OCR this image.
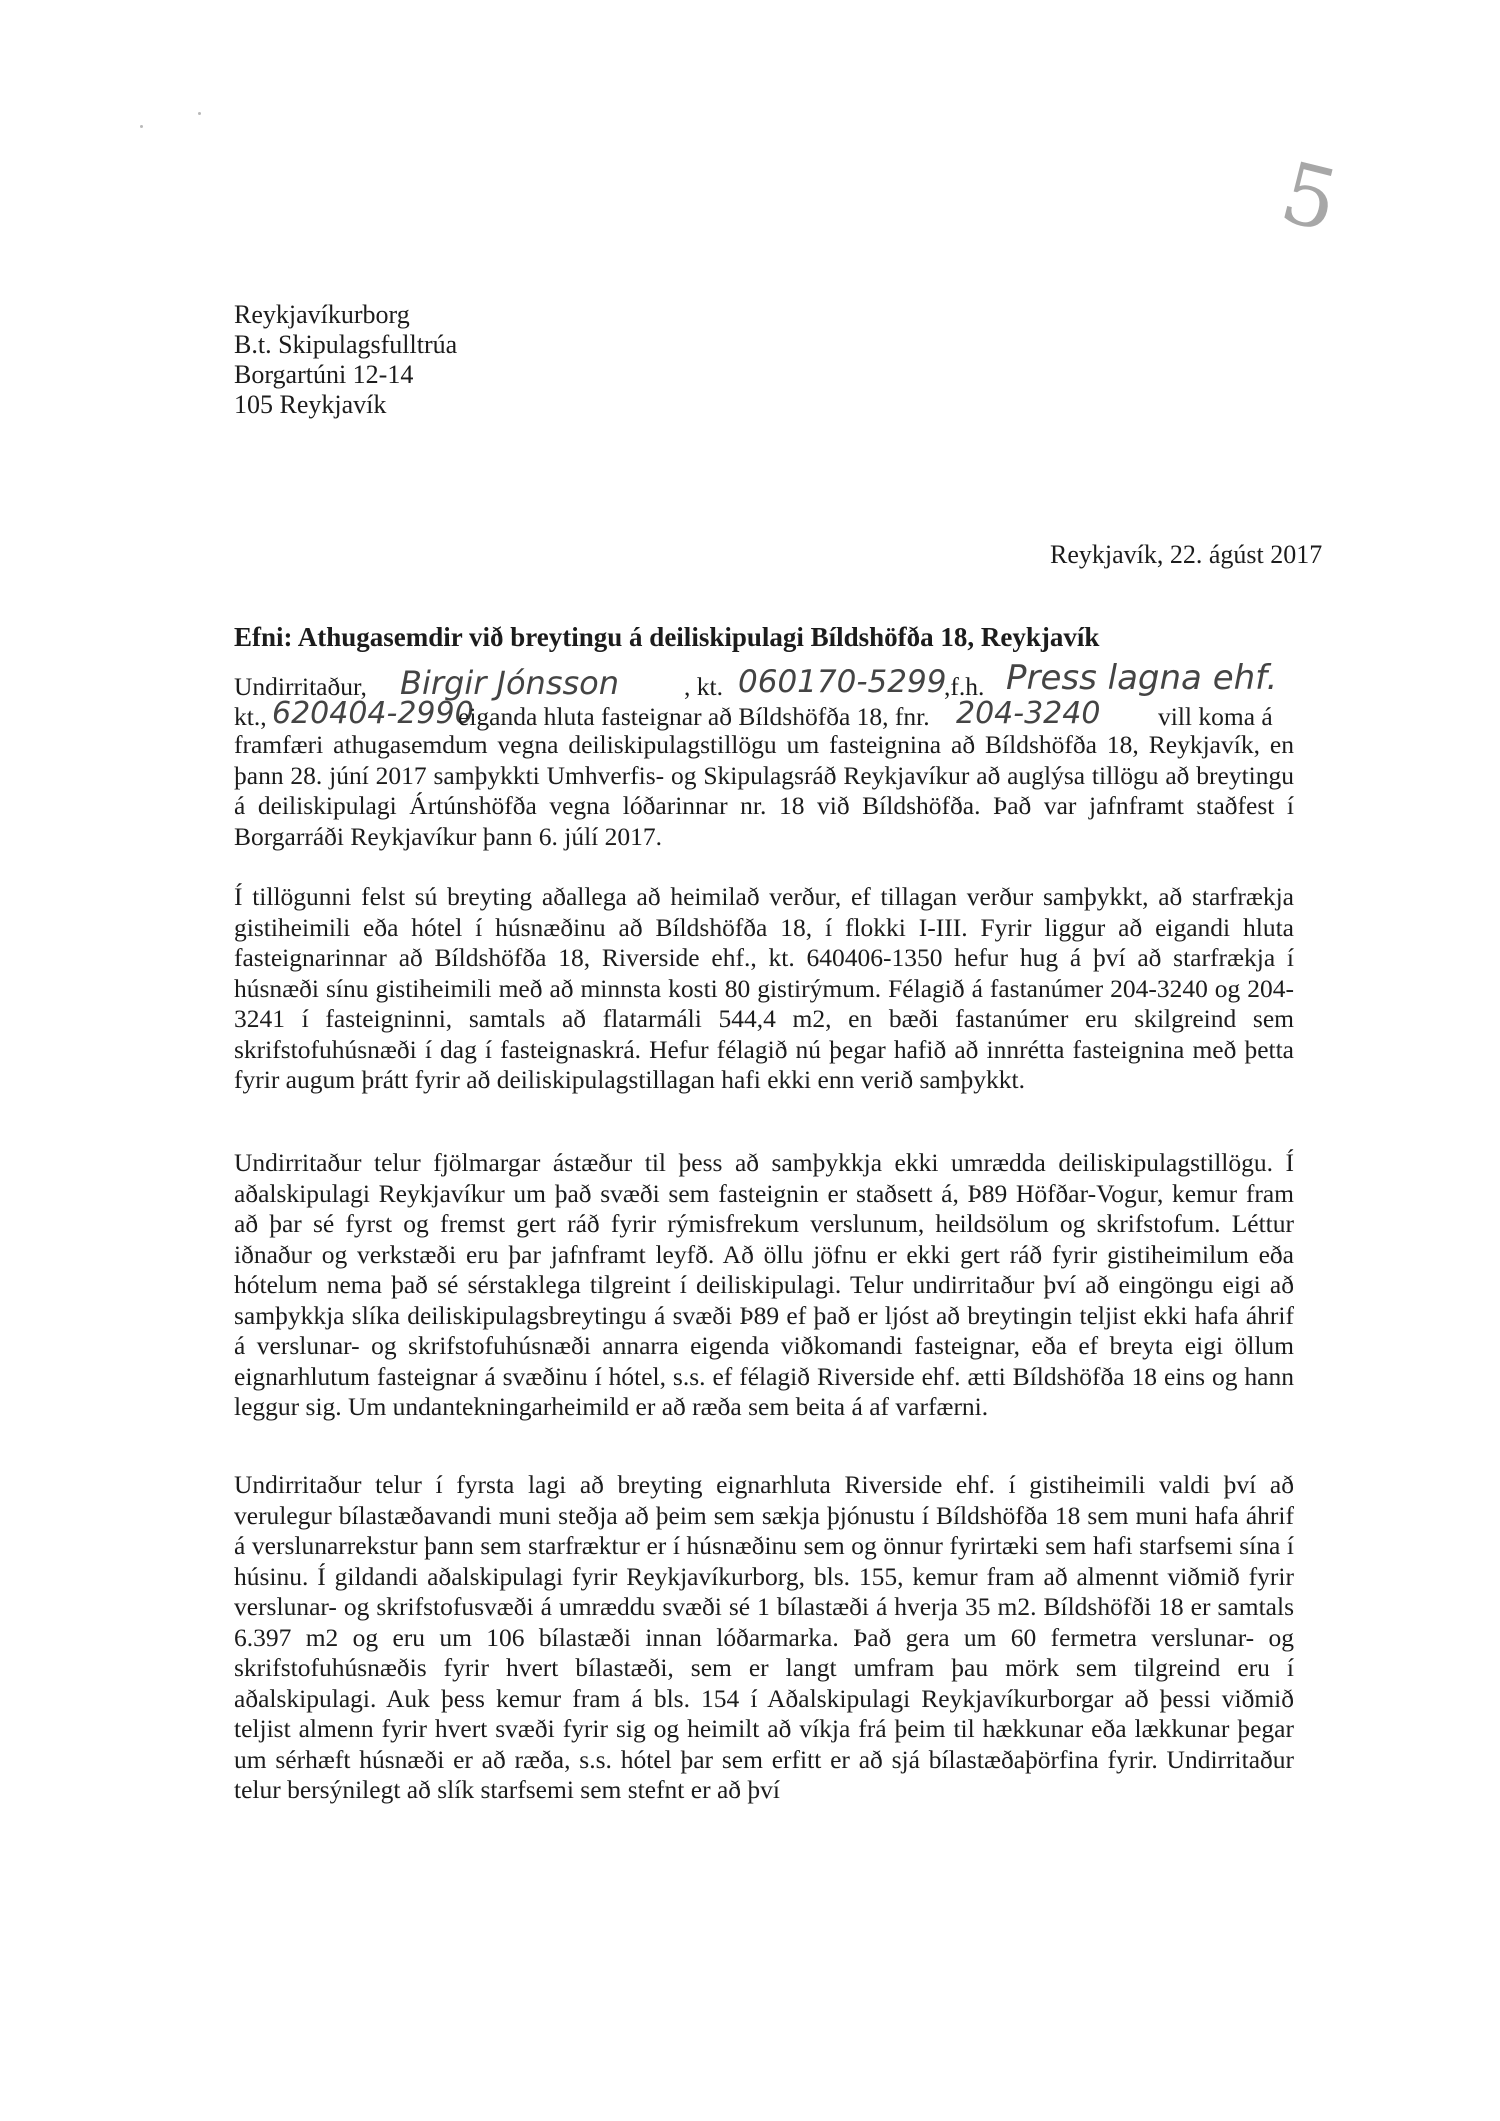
5
Reykjavíkurborg
B.t. Skipulagsfulltrúa
Borgartúni 12-14
105 Reykjavík
Reykjavík, 22. ágúst 2017
Efni: Athugasemdir við breytingu á deiliskipulagi Bíldshöfða 18, Reykjavík
Undirritaður, Birgir Jónsson	, kt. 060170-5299
,f.h. Press lagna ehf.
kt., 620404-2990
eiganda hluta fasteignar að Bíldshöfða 18, fnr. 204-3240 vill koma á

framfæri athugasemdum vegna deiliskipulagstillögu um fasteignina að Bíldshöfða 18, Reykjavík, en þann 28. júní 2017 samþykkti Umhverfis- og Skipulagsráð Reykjavíkur að auglýsa tillögu að breytingu á deiliskipulagi Ártúnshöfða vegna lóðarinnar nr. 18 við Bíldshöfða. Það var jafnframt staðfest í Borgarráði Reykjavíkur þann 6. júlí 2017.

Í tillögunni felst sú breyting aðallega að heimilað verður, ef tillagan verður samþykkt, að starfrækja gistiheimili eða hótel í húsnæðinu að Bíldshöfða 18, í flokki I-III. Fyrir liggur að eigandi hluta fasteignarinnar að Bíldshöfða 18, Riverside ehf., kt. 640406-1350 hefur hug á því að starfrækja í húsnæði sínu gistiheimili með að minnsta kosti 80 gistirýmum. Félagið á fastanúmer 204-3240 og 204-3241 í fasteigninni, samtals að flatarmáli 544,4 m2, en bæði fastanúmer eru skilgreind sem skrifstofuhúsnæði í dag í fasteignaskrá. Hefur félagið nú þegar hafið að innrétta fasteignina með þetta fyrir augum þrátt fyrir að deiliskipulagstillagan hafi ekki enn verið samþykkt.

Undirritaður telur fjölmargar ástæður til þess að samþykkja ekki umrædda deiliskipulagstillögu. Í aðalskipulagi Reykjavíkur um það svæði sem fasteignin er staðsett á, Þ89 Höfðar-Vogur, kemur fram að þar sé fyrst og fremst gert ráð fyrir rýmisfrekum verslunum, heildsölum og skrifstofum. Léttur iðnaður og verkstæði eru þar jafnframt leyfð. Að öllu jöfnu er ekki gert ráð fyrir gistiheimilum eða hótelum nema það sé sérstaklega tilgreint í deiliskipulagi. Telur undirritaður því að eingöngu eigi að samþykkja slíka deiliskipulagsbreytingu á svæði Þ89 ef það er ljóst að breytingin teljist ekki hafa áhrif á verslunar- og skrifstofuhúsnæði annarra eigenda viðkomandi fasteignar, eða ef breyta eigi öllum eignarhlutum fasteignar á svæðinu í hótel, s.s. ef félagið Riverside ehf. ætti Bíldshöfða 18 eins og hann leggur sig. Um undantekningarheimild er að ræða sem beita á af varfærni.

Undirritaður telur í fyrsta lagi að breyting eignarhluta Riverside ehf. í gistiheimili valdi því að verulegur bílastæðavandi muni steðja að þeim sem sækja þjónustu í Bíldshöfða 18 sem muni hafa áhrif á verslunarrekstur þann sem starfræktur er í húsnæðinu sem og önnur fyrirtæki sem hafi starfsemi sína í húsinu. Í gildandi aðalskipulagi fyrir Reykjavíkurborg, bls. 155, kemur fram að almennt viðmið fyrir verslunar- og skrifstofusvæði á umræddu svæði sé 1 bílastæði á hverja 35 m2. Bíldshöfði 18 er samtals 6.397 m2 og eru um 106 bílastæði innan lóðarmarka. Það gera um 60 fermetra verslunar- og skrifstofuhúsnæðis fyrir hvert bílastæði, sem er langt umfram þau mörk sem tilgreind eru í aðalskipulagi. Auk þess kemur fram á bls. 154 í Aðalskipulagi Reykjavíkurborgar að þessi viðmið teljist almenn fyrir hvert svæði fyrir sig og heimilt að víkja frá þeim til hækkunar eða lækkunar þegar um sérhæft húsnæði er að ræða, s.s. hótel þar sem erfitt er að sjá bílastæðaþörfina fyrir. Undirritaður telur bersýnilegt að slík starfsemi sem stefnt er að því
